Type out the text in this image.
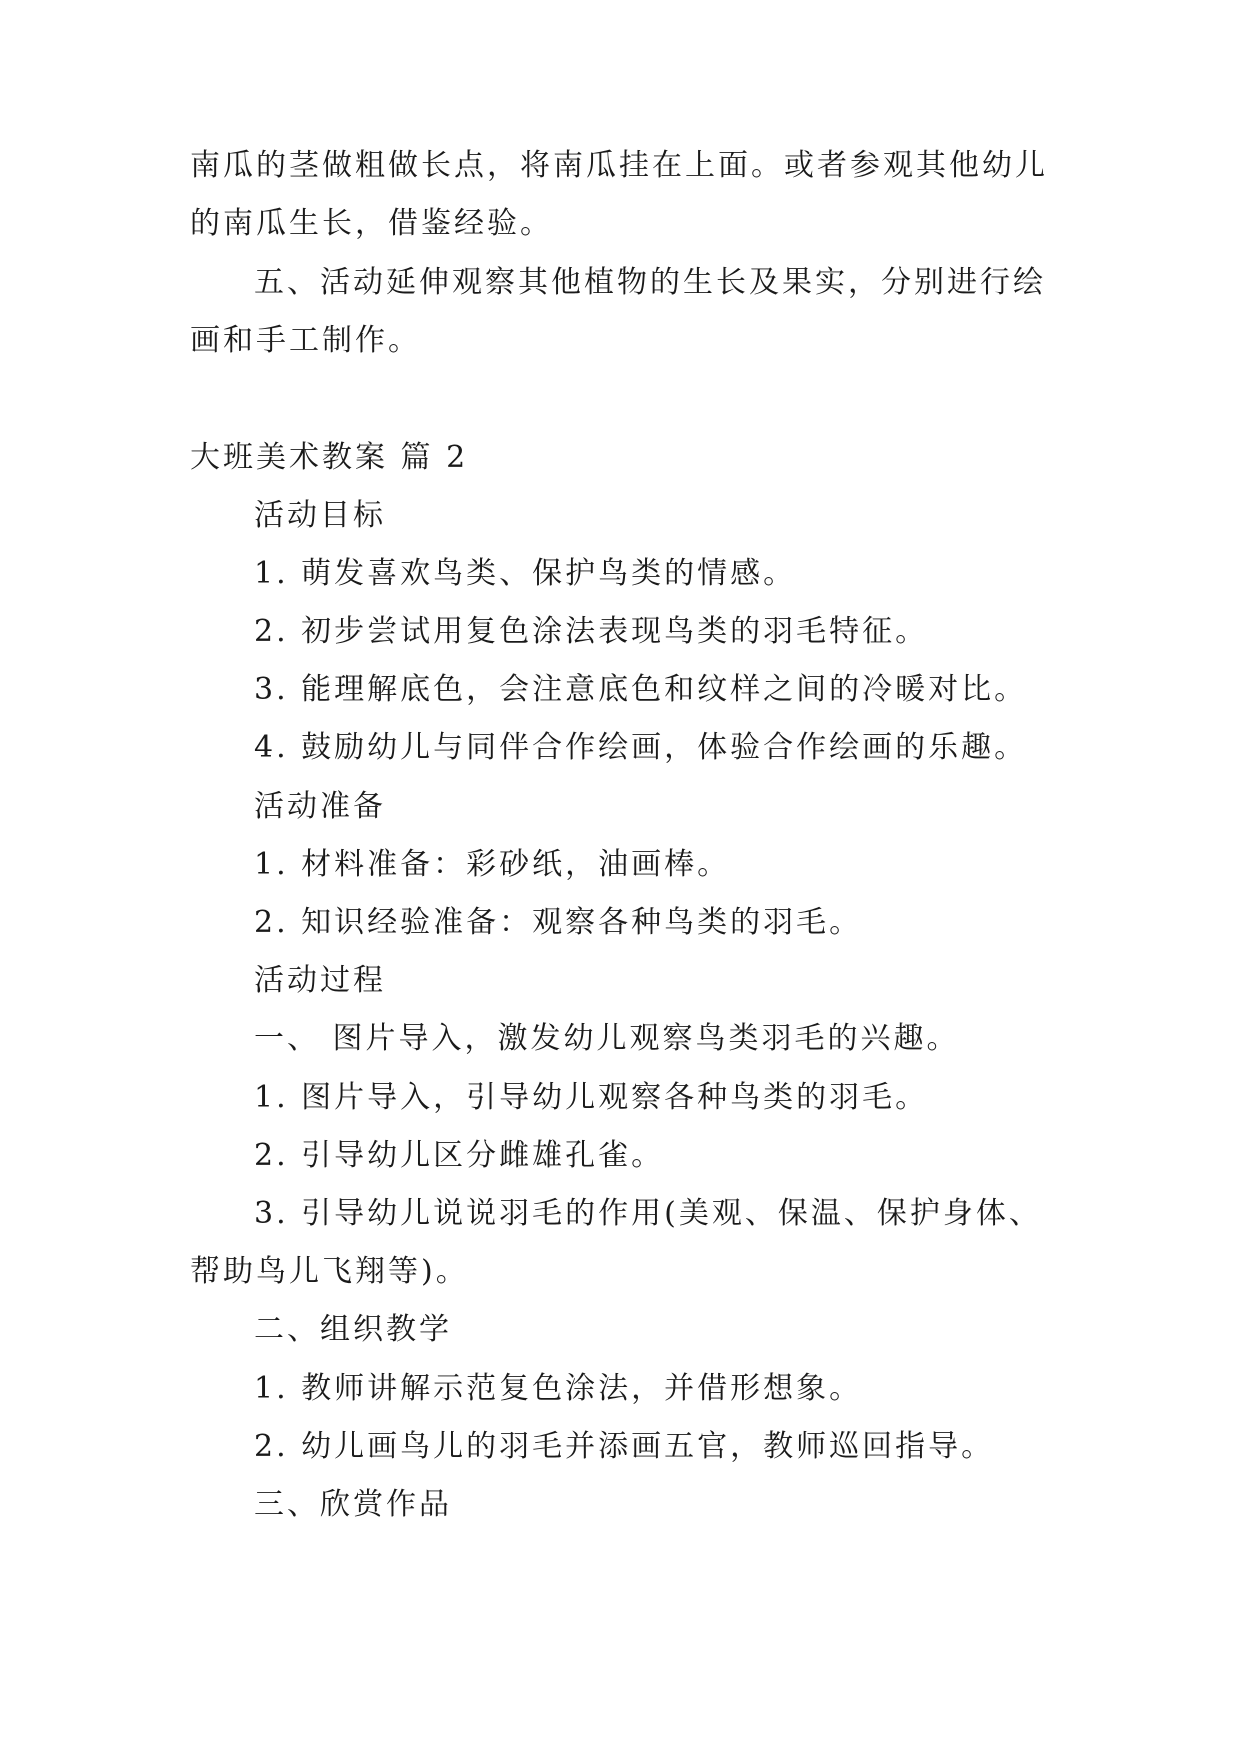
南瓜的茎做粗做长点，将南瓜挂在上面。或者参观其他幼儿
的南瓜生长，借鉴经验。
五、活动延伸观察其他植物的生长及果实，分别进行绘
画和手工制作。
大班美术教案 篇 2
活动目标
1. 萌发喜欢鸟类、保护鸟类的情感。
2. 初步尝试用复色涂法表现鸟类的羽毛特征。
3. 能理解底色，会注意底色和纹样之间的冷暖对比。
4. 鼓励幼儿与同伴合作绘画，体验合作绘画的乐趣。
活动准备
1. 材料准备：彩砂纸，油画棒。
2. 知识经验准备：观察各种鸟类的羽毛。
活动过程
一、 图片导入，激发幼儿观察鸟类羽毛的兴趣。
1. 图片导入，引导幼儿观察各种鸟类的羽毛。
2. 引导幼儿区分雌雄孔雀。
3. 引导幼儿说说羽毛的作用(美观、保温、保护身体、
帮助鸟儿飞翔等)。
二、组织教学
1. 教师讲解示范复色涂法，并借形想象。
2. 幼儿画鸟儿的羽毛并添画五官，教师巡回指导。
三、欣赏作品
